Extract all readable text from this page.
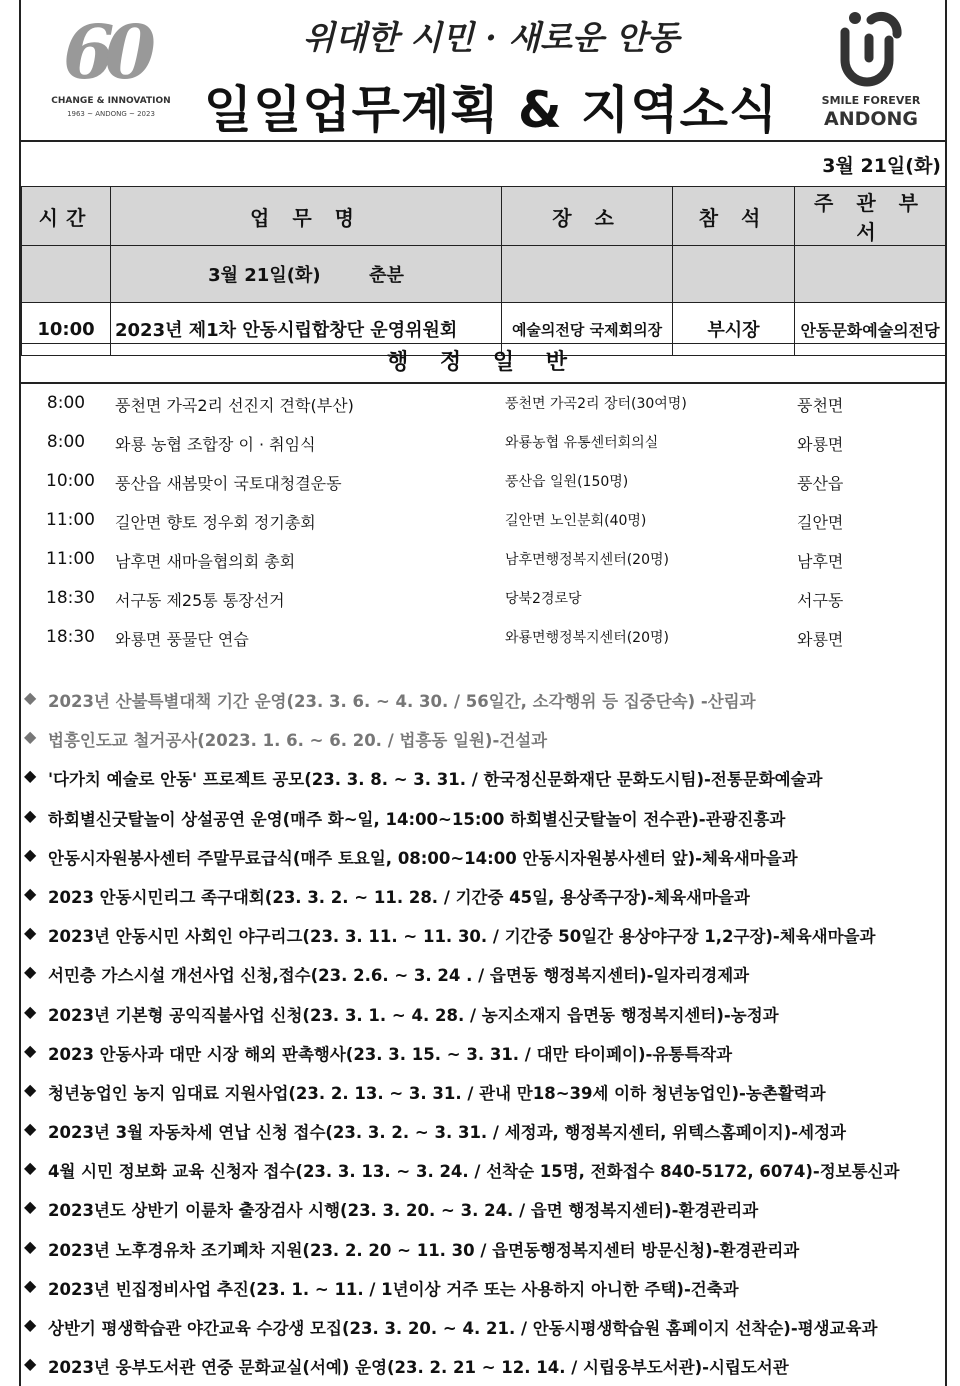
60
CHANGE & INNOVATION
1963 ~ ANDONG ~ 2023
위대한 시민 · 새로운 안동
일일업무계획 & 지역소식	SMILE FOREVER
ANDONG
3월 21일(화)
시간	업 무 명	장 소	참 석	주 관 부 서
	3월 21일(화) 춘분			
10:00	2023년 제1차 안동시립합창단 운영위원회	예술의전당 국제회의장	부시장	안동문화예술의전당
행 정 일 반
8:00 풍천면 가곡2리 선진지 견학(부산)	풍천면 가곡2리 장터(30여명)	풍천면
8:00 와룡 농협 조합장 이 · 취임식	와룡농협 유통센터회의실	와룡면
10:00 풍산읍 새봄맞이 국토대청결운동	풍산읍 일원(150명)	풍산읍
11:00 길안면 향토 정우회 정기총회	길안면 노인분회(40명)	길안면
11:00 남후면 새마을협의회 총회	남후면행정복지센터(20명)	남후면
18:30 서구동 제25통 통장선거	당북2경로당	서구동
18:30 와룡면 풍물단 연습	와룡면행정복지센터(20명)	와룡면
◆ 2023년 산불특별대책 기간 운영(23. 3. 6. ~ 4. 30. / 56일간, 소각행위 등 집중단속) -산림과
◆ 법흥인도교 철거공사(2023. 1. 6. ~ 6. 20. / 법흥동 일원)-건설과
◆ '다가치 예술로 안동' 프로젝트 공모(23. 3. 8. ~ 3. 31. / 한국정신문화재단 문화도시팀)-전통문화예술과
◆ 하회별신굿탈놀이 상설공연 운영(매주 화~일, 14:00~15:00 하회별신굿탈놀이 전수관)-관광진흥과
◆ 안동시자원봉사센터 주말무료급식(매주 토요일, 08:00~14:00 안동시자원봉사센터 앞)-체육새마을과
◆ 2023 안동시민리그 족구대회(23. 3. 2. ~ 11. 28. / 기간중 45일, 용상족구장)-체육새마을과
◆ 2023년 안동시민 사회인 야구리그(23. 3. 11. ~ 11. 30. / 기간중 50일간 용상야구장 1,2구장)-체육새마을과
◆ 서민층 가스시설 개선사업 신청,접수(23. 2.6. ~ 3. 24 . / 읍면동 행정복지센터)-일자리경제과
◆ 2023년 기본형 공익직불사업 신청(23. 3. 1. ~ 4. 28. / 농지소재지 읍면동 행정복지센터)-농정과
◆ 2023 안동사과 대만 시장 해외 판촉행사(23. 3. 15. ~ 3. 31. / 대만 타이페이)-유통특작과
◆ 청년농업인 농지 임대료 지원사업(23. 2. 13. ~ 3. 31. / 관내 만18~39세 이하 청년농업인)-농촌활력과
◆ 2023년 3월 자동차세 연납 신청 접수(23. 3. 2. ~ 3. 31. / 세정과, 행정복지센터, 위텍스홈페이지)-세정과
◆ 4월 시민 정보화 교육 신청자 접수(23. 3. 13. ~ 3. 24. / 선착순 15명, 전화접수 840-5172, 6074)-정보통신과
◆ 2023년도 상반기 이륜차 출장검사 시행(23. 3. 20. ~ 3. 24. / 읍면 행정복지센터)-환경관리과
◆ 2023년 노후경유차 조기폐차 지원(23. 2. 20 ~ 11. 30 / 읍면동행정복지센터 방문신청)-환경관리과
◆ 2023년 빈집정비사업 추진(23. 1. ~ 11. / 1년이상 거주 또는 사용하지 아니한 주택)-건축과
◆ 상반기 평생학습관 야간교육 수강생 모집(23. 3. 20. ~ 4. 21. / 안동시평생학습원 홈페이지 선착순)-평생교육과
◆ 2023년 웅부도서관 연중 문화교실(서예) 운영(23. 2. 21 ~ 12. 14. / 시립웅부도서관)-시립도서관
